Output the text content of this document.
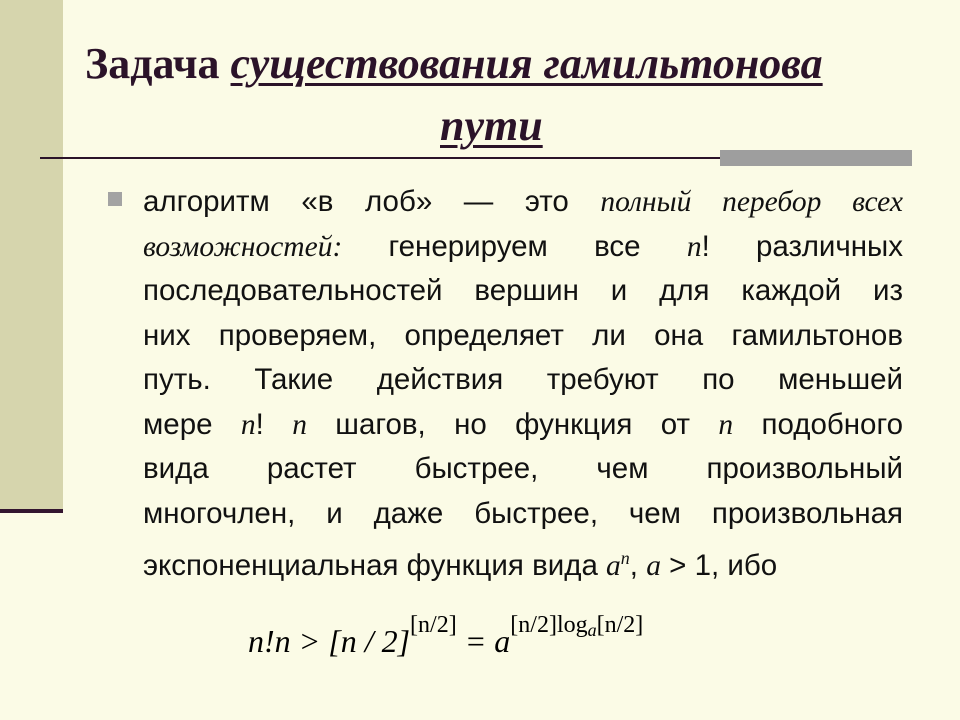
Задача существования гамильтонова
пути
алгоритм «в лоб» — это полный перебор всех
возможностей: генерируем все n! различных
последовательностей вершин и для каждой из
них проверяем, определяет ли она гамильтонов
путь. Такие действия требуют по меньшей
мере n! n шагов, но функция от n подобного
вида растет быстрее, чем произвольный
многочлен, и даже быстрее, чем произвольная
экспоненциальная функция вида $a^n$, a > 1, ибо
n!n > [n / 2][n/2] = a[n/2]loga[n/2]
